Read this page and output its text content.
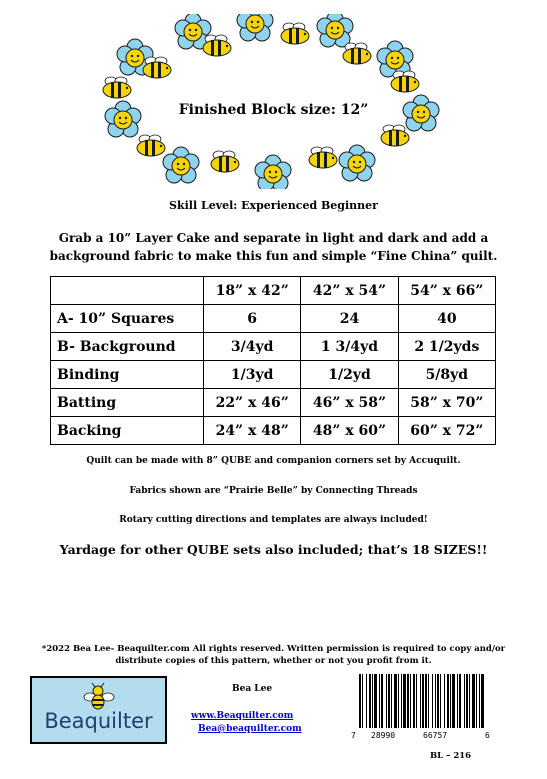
Finished Block size: 12”
Skill Level: Experienced Beginner
Grab a 10” Layer Cake and separate in light and dark and add a background fabric to make this fun and simple “Fine China” quilt.
	18” x 42”	42” x 54”	54” x 66”
A- 10” Squares	6	24	40
B- Background	3/4yd	1 3/4yd	2 1/2yds
Binding	1/3yd	1/2yd	5/8yd
Batting	22” x 46”	46” x 58”	58” x 70”
Backing	24” x 48”	48” x 60”	60” x 72”
Quilt can be made with 8” QUBE and companion corners set by Accuquilt.
Fabrics shown are “Prairie Belle” by Connecting Threads
Rotary cutting directions and templates are always included!
Yardage for other QUBE sets also included; that’s 18 SIZES!!
*2022 Bea Lee- Beaquilter.com All rights reserved. Written permission is required to copy and/or distribute copies of this pattern, whether or not you profit from it.
Beaquilter
Bea Lee
www.Beaquilter.com
Bea@beaquilter.com
7 28990	66757	6
BL – 216
